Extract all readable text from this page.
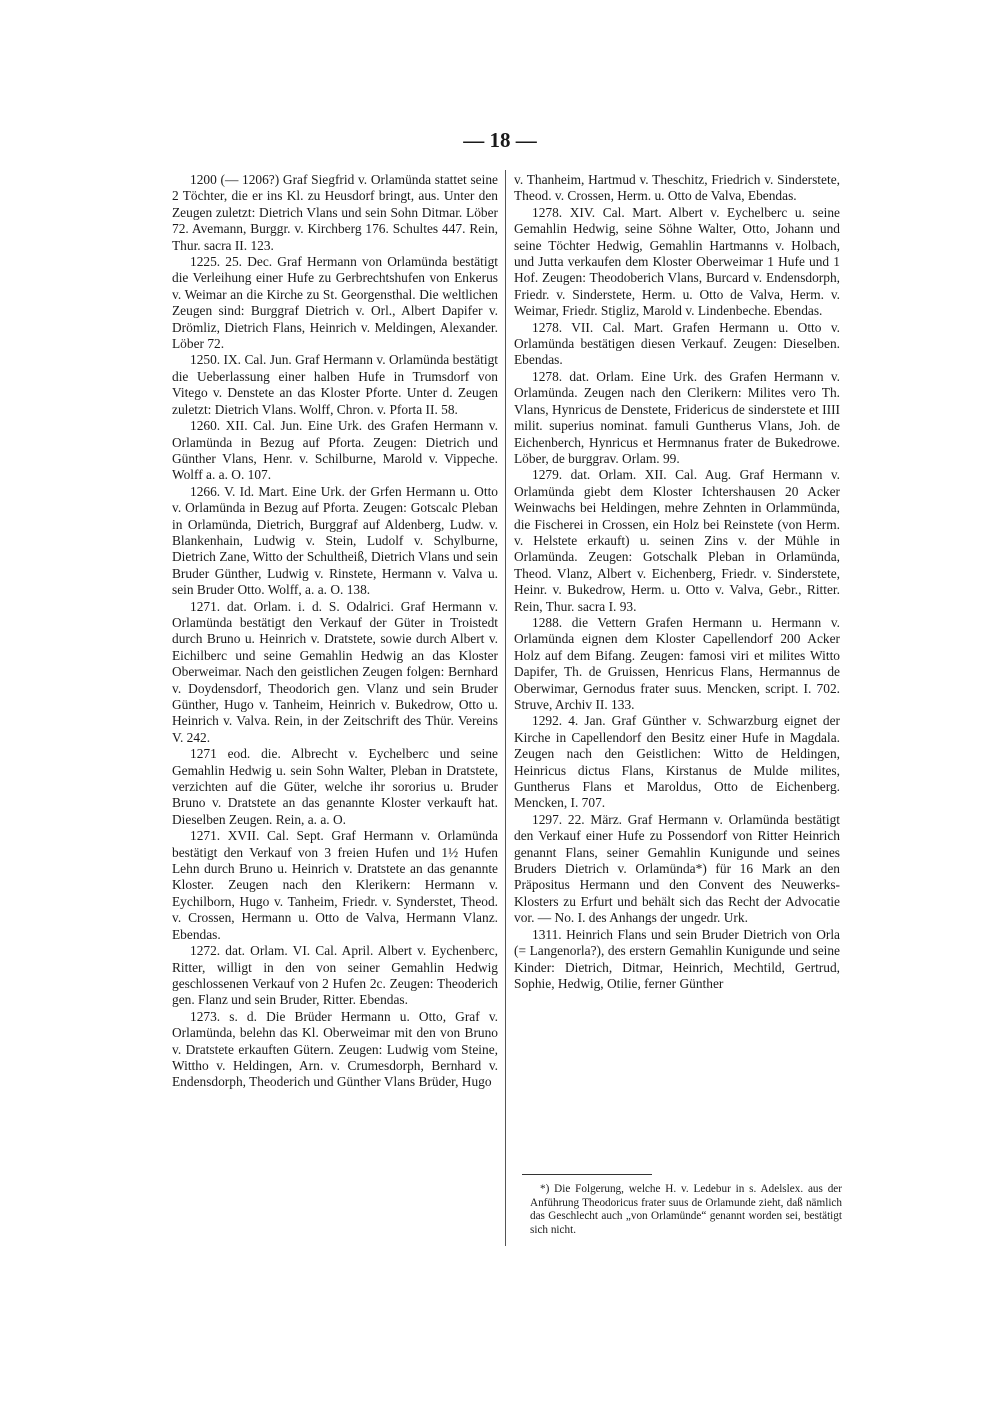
— 18 —

1200 (— 1206?) Graf Siegfrid v. Orlamünda stattet seine 2 Töchter, die er ins Kl. zu Heusdorf bringt, aus. Unter den Zeugen zuletzt: Dietrich Vlans und sein Sohn Ditmar. Löber 72. Avemann, Burggr. v. Kirchberg 176. Schultes 447. Rein, Thur. sacra II. 123.

1225. 25. Dec. Graf Hermann von Orlamünda bestätigt die Verleihung einer Hufe zu Gerbrechtshufen von Enkerus v. Weimar an die Kirche zu St. Georgensthal. Die weltlichen Zeugen sind: Burggraf Dietrich v. Orl., Albert Dapifer v. Drömliz, Dietrich Flans, Heinrich v. Meldingen, Alexander. Löber 72.

1250. IX. Cal. Jun. Graf Hermann v. Orlamünda bestätigt die Ueberlassung einer halben Hufe in Trumsdorf von Vitego v. Denstete an das Kloster Pforte. Unter d. Zeugen zuletzt: Dietrich Vlans. Wolff, Chron. v. Pforta II. 58.

1260. XII. Cal. Jun. Eine Urk. des Grafen Hermann v. Orlamünda in Bezug auf Pforta. Zeugen: Dietrich und Günther Vlans, Henr. v. Schilburne, Marold v. Vippeche. Wolff a. a. O. 107.

1266. V. Id. Mart. Eine Urk. der Grfen Hermann u. Otto v. Orlamünda in Bezug auf Pforta. Zeugen: Gotscalc Pleban in Orlamünda, Dietrich, Burggraf auf Aldenberg, Ludw. v. Blankenhain, Ludwig v. Stein, Ludolf v. Schylburne, Dietrich Zane, Witto der Schultheiß, Dietrich Vlans und sein Bruder Günther, Ludwig v. Rinstete, Hermann v. Valva u. sein Bruder Otto. Wolff, a. a. O. 138.

1271. dat. Orlam. i. d. S. Odalrici. Graf Hermann v. Orlamünda bestätigt den Verkauf der Güter in Troistedt durch Bruno u. Heinrich v. Dratstete, sowie durch Albert v. Eichilberc und seine Gemahlin Hedwig an das Kloster Oberweimar. Nach den geistlichen Zeugen folgen: Bernhard v. Doydensdorf, Theodorich gen. Vlanz und sein Bruder Günther, Hugo v. Tanheim, Heinrich v. Bukedrow, Otto u. Heinrich v. Valva. Rein, in der Zeitschrift des Thür. Vereins V. 242.

1271 eod. die. Albrecht v. Eychelberc und seine Gemahlin Hedwig u. sein Sohn Walter, Pleban in Dratstete, verzichten auf die Güter, welche ihr sororius u. Bruder Bruno v. Dratstete an das genannte Kloster verkauft hat. Dieselben Zeugen. Rein, a. a. O.

1271. XVII. Cal. Sept. Graf Hermann v. Orlamünda bestätigt den Verkauf von 3 freien Hufen und 1½ Hufen Lehn durch Bruno u. Heinrich v. Dratstete an das genannte Kloster. Zeugen nach den Klerikern: Hermann v. Eychilborn, Hugo v. Tanheim, Friedr. v. Synderstet, Theod. v. Crossen, Hermann u. Otto de Valva, Hermann Vlanz. Ebendas.

1272. dat. Orlam. VI. Cal. April. Albert v. Eychenberc, Ritter, willigt in den von seiner Gemahlin Hedwig geschlossenen Verkauf von 2 Hufen 2c. Zeugen: Theoderich gen. Flanz und sein Bruder, Ritter. Ebendas.

1273. s. d. Die Brüder Hermann u. Otto, Graf v. Orlamünda, belehn das Kl. Oberweimar mit den von Bruno v. Dratstete erkauften Gütern. Zeugen: Ludwig vom Steine, Wittho v. Heldingen, Arn. v. Crumesdorph, Bernhard v. Endensdorph, Theoderich und Günther Vlans Brüder, Hugo

v. Thanheim, Hartmud v. Theschitz, Friedrich v. Sinderstete, Theod. v. Crossen, Herm. u. Otto de Valva, Ebendas.

1278. XIV. Cal. Mart. Albert v. Eychelberc u. seine Gemahlin Hedwig, seine Söhne Walter, Otto, Johann und seine Töchter Hedwig, Gemahlin Hartmanns v. Holbach, und Jutta verkaufen dem Kloster Oberweimar 1 Hufe und 1 Hof. Zeugen: Theodoberich Vlans, Burcard v. Endensdorph, Friedr. v. Sinderstete, Herm. u. Otto de Valva, Herm. v. Weimar, Friedr. Stigliz, Marold v. Lindenbeche. Ebendas.

1278. VII. Cal. Mart. Grafen Hermann u. Otto v. Orlamünda bestätigen diesen Verkauf. Zeugen: Dieselben. Ebendas.

1278. dat. Orlam. Eine Urk. des Grafen Hermann v. Orlamünda. Zeugen nach den Clerikern: Milites vero Th. Vlans, Hynricus de Denstete, Fridericus de sinderstete et IIII milit. superius nominat. famuli Guntherus Vlans, Joh. de Eichenberch, Hynricus et Hermnanus frater de Bukedrowe. Löber, de burggrav. Orlam. 99.

1279. dat. Orlam. XII. Cal. Aug. Graf Hermann v. Orlamünda giebt dem Kloster Ichtershausen 20 Acker Weinwachs bei Heldingen, mehre Zehnten in Orlammünda, die Fischerei in Crossen, ein Holz bei Reinstete (von Herm. v. Helstete erkauft) u. seinen Zins v. der Mühle in Orlamünda. Zeugen: Gotschalk Pleban in Orlamünda, Theod. Vlanz, Albert v. Eichenberg, Friedr. v. Sinderstete, Heinr. v. Bukedrow, Herm. u. Otto v. Valva, Gebr., Ritter. Rein, Thur. sacra I. 93.

1288. die Vettern Grafen Hermann u. Hermann v. Orlamünda eignen dem Kloster Capellendorf 200 Acker Holz auf dem Bifang. Zeugen: famosi viri et milites Witto Dapifer, Th. de Gruissen, Henricus Flans, Hermannus de Oberwimar, Gernodus frater suus. Mencken, script. I. 702. Struve, Archiv II. 133.

1292. 4. Jan. Graf Günther v. Schwarzburg eignet der Kirche in Capellendorf den Besitz einer Hufe in Magdala. Zeugen nach den Geistlichen: Witto de Heldingen, Heinricus dictus Flans, Kirstanus de Mulde milites, Guntherus Flans et Maroldus, Otto de Eichenberg. Mencken, I. 707.

1297. 22. März. Graf Hermann v. Orlamünda bestätigt den Verkauf einer Hufe zu Possendorf von Ritter Heinrich genannt Flans, seiner Gemahlin Kunigunde und seines Bruders Dietrich v. Orlamünda*) für 16 Mark an den Präpositus Hermann und den Convent des Neuwerks-Klosters zu Erfurt und behält sich das Recht der Advocatie vor. — No. I. des Anhangs der ungedr. Urk.

1311. Heinrich Flans und sein Bruder Dietrich von Orla (= Langenorla?), des erstern Gemahlin Kunigunde und seine Kinder: Dietrich, Ditmar, Heinrich, Mechtild, Gertrud, Sophie, Hedwig, Otilie, ferner Günther

*) Die Folgerung, welche H. v. Ledebur in s. Adelslex. aus der Anführung Theodoricus frater suus de Orlamunde zieht, daß nämlich das Geschlecht auch „von Orlamünde“ genannt worden sei, bestätigt sich nicht.
